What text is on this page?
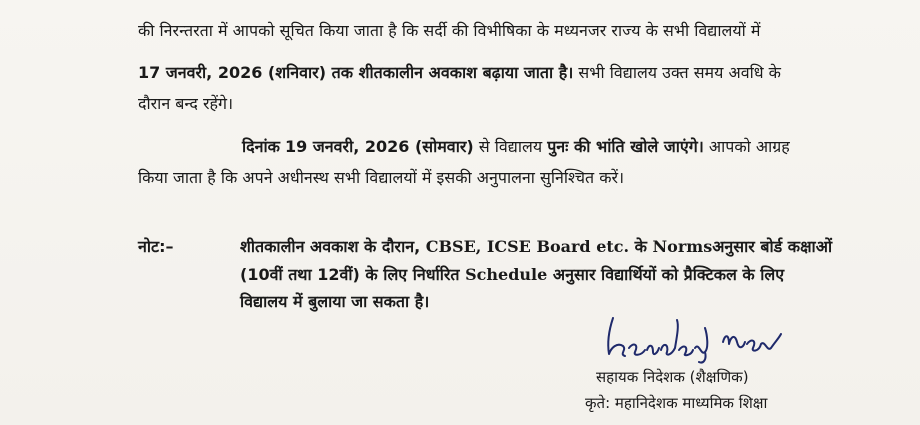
की निरन्तरता में आपको सूचित किया जाता है कि सर्दी की विभीषिका के मध्यनजर राज्य के सभी विद्यालयों में
17 जनवरी, 2026 (शनिवार) तक शीतकालीन अवकाश बढ़ाया जाता है। सभी विद्यालय उक्त समय अवधि के
दौरान बन्द रहेंगे।
दिनांक 19 जनवरी, 2026 (सोमवार) से विद्यालय पुनः की भांति खोले जाएंगे। आपको आग्रह
किया जाता है कि अपने अधीनस्थ सभी विद्यालयों में इसकी अनुपालना सुनिश्चित करें।
नोट:–	शीतकालीन अवकाश के दौरान, CBSE, ICSE Board etc. के Normsअनुसार बोर्ड कक्षाओं
(10वीं तथा 12वीं) के लिए निर्धारित Schedule अनुसार विद्यार्थियों को प्रैक्टिकल के लिए
विद्यालय में बुलाया जा सकता है।
सहायक निदेशक (शैक्षणिक)
कृते: महानिदेशक माध्यमिक शिक्षा
